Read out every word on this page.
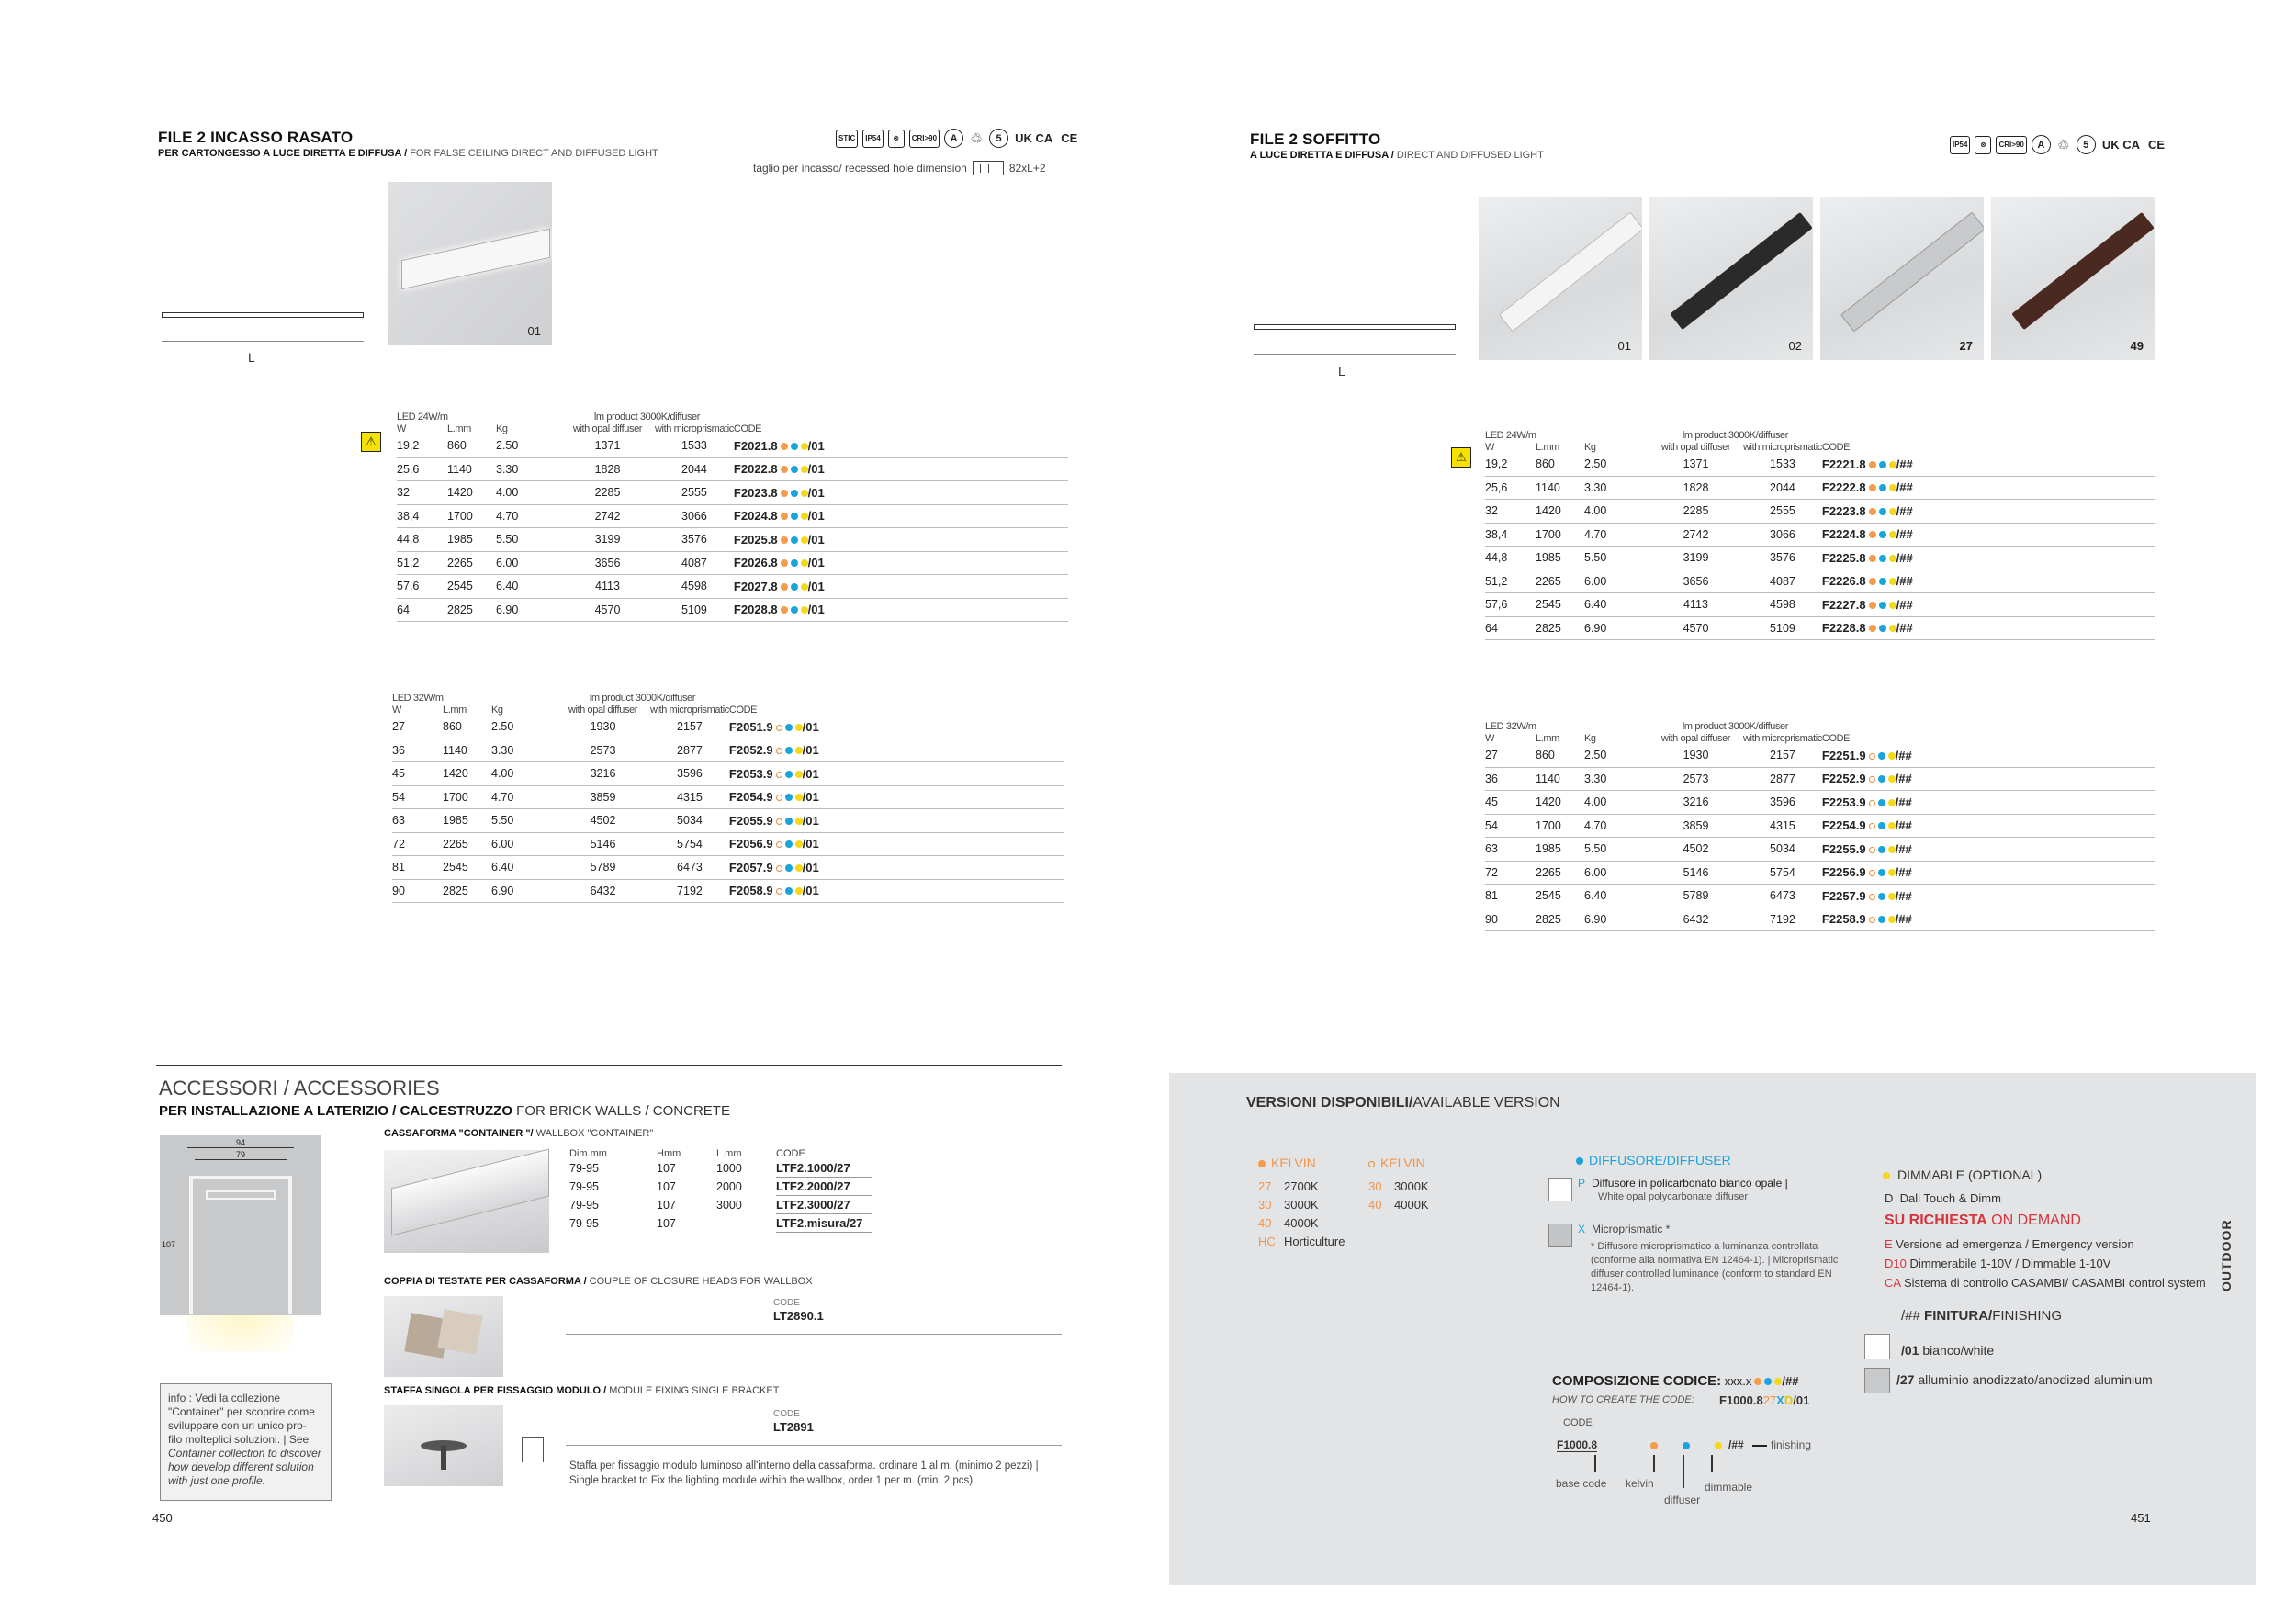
FILE 2 INCASSO RASATO
PER CARTONGESSO A LUCE DIRETTA E DIFFUSA / FOR FALSE CEILING DIRECT AND DIFFUSED LIGHT
STIC	IP54	⊗	CRI>90	A ♲	5	UK CA CE
taglio per incasso/ recessed hole dimension	82xL+2
L
01
⚠
⚠
LED 24W/m			lm product 3000K/diffuser		
W	L.mm	Kg	with opal diffuser	with microprismatic	CODE
19,2	860	2.50	1371	1533	F2021.8 /01
25,6	1140	3.30	1828	2044	F2022.8 /01
32	1420	4.00	2285	2555	F2023.8 /01
38,4	1700	4.70	2742	3066	F2024.8 /01
44,8	1985	5.50	3199	3576	F2025.8 /01
51,2	2265	6.00	3656	4087	F2026.8 /01
57,6	2545	6.40	4113	4598	F2027.8 /01
64	2825	6.90	4570	5109	F2028.8 /01
LED 32W/m			lm product 3000K/diffuser		
W	L.mm	Kg	with opal diffuser	with microprismatic	CODE
27	860	2.50	1930	2157	F2051.9 /01
36	1140	3.30	2573	2877	F2052.9 /01
45	1420	4.00	3216	3596	F2053.9 /01
54	1700	4.70	3859	4315	F2054.9 /01
63	1985	5.50	4502	5034	F2055.9 /01
72	2265	6.00	5146	5754	F2056.9 /01
81	2545	6.40	5789	6473	F2057.9 /01
90	2825	6.90	6432	7192	F2058.9 /01
FILE 2 SOFFITTO
A LUCE DIRETTA E DIFFUSA / DIRECT AND DIFFUSED LIGHT
IP54	⊗	CRI>90	A ♲	5	UK CA CE
L
01	02	27	49
LED 24W/m			lm product 3000K/diffuser		
W	L.mm	Kg	with opal diffuser	with microprismatic	CODE
19,2	860	2.50	1371	1533	F2221.8 /##
25,6	1140	3.30	1828	2044	F2222.8 /##
32	1420	4.00	2285	2555	F2223.8 /##
38,4	1700	4.70	2742	3066	F2224.8 /##
44,8	1985	5.50	3199	3576	F2225.8 /##
51,2	2265	6.00	3656	4087	F2226.8 /##
57,6	2545	6.40	4113	4598	F2227.8 /##
64	2825	6.90	4570	5109	F2228.8 /##
LED 32W/m			lm product 3000K/diffuser		
W	L.mm	Kg	with opal diffuser	with microprismatic	CODE
27	860	2.50	1930	2157	F2251.9 /##
36	1140	3.30	2573	2877	F2252.9 /##
45	1420	4.00	3216	3596	F2253.9 /##
54	1700	4.70	3859	4315	F2254.9 /##
63	1985	5.50	4502	5034	F2255.9 /##
72	2265	6.00	5146	5754	F2256.9 /##
81	2545	6.40	5789	6473	F2257.9 /##
90	2825	6.90	6432	7192	F2258.9 /##
ACCESSORI / ACCESSORIES
PER INSTALLAZIONE A LATERIZIO / CALCESTRUZZO FOR BRICK WALLS / CONCRETE
94
79
107
info : Vedi la collezione
"Container" per scoprire come
sviluppare con un unico pro-
filo molteplici soluzioni. | See
Container collection to discover
how develop different solution
with just one profile.
450
CASSAFORMA "CONTAINER "/ WALLBOX "CONTAINER"
Dim.mm	Hmm	L.mm	CODE
79-95	107	1000	LTF2.1000/27
79-95	107	2000	LTF2.2000/27
79-95	107	3000	LTF2.3000/27
79-95	107	-----	LTF2.misura/27
COPPIA DI TESTATE PER CASSAFORMA / COUPLE OF CLOSURE HEADS FOR WALLBOX
CODE
LT2890.1
STAFFA SINGOLA PER FISSAGGIO MODULO / MODULE FIXING SINGLE BRACKET
CODE
LT2891
Staffa per fissaggio modulo luminoso all'interno della cassaforma. ordinare 1 al m. (minimo 2 pezzi) |
Single bracket to Fix the lighting module within the wallbox, order 1 per m. (min. 2 pcs)
VERSIONI DISPONIBILI/AVAILABLE VERSION
KELVIN
27 2700K
30 3000K
40 4000K
HC Horticulture
KELVIN
30 3000K
40 4000K
DIFFUSORE/DIFFUSER
P Diffusore in policarbonato bianco opale |
White opal polycarbonate diffuser
X Microprismatic *
* Diffusore microprismatico a luminanza controllata
(conforme alla normativa EN 12464-1). | Microprismatic
diffuser controlled luminance (conform to standard EN
12464-1).
DIMMABLE (OPTIONAL)
D Dali Touch & Dimm
SU RICHIESTA ON DEMAND
E Versione ad emergenza / Emergency version
D10 Dimmerabile 1-10V / Dimmable 1-10V
CA Sistema di controllo CASAMBI/ CASAMBI control system OUTDOOR
/## FINITURA/FINISHING
/01 bianco/white
/27 alluminio anodizzato/anodized aluminium
COMPOSIZIONE CODICE: xxx.x	/##
HOW TO CREATE THE CODE: F1000.827XD/01
CODE
F1000.8	/## finishing
base code kelvin
diffuser
dimmable
451
